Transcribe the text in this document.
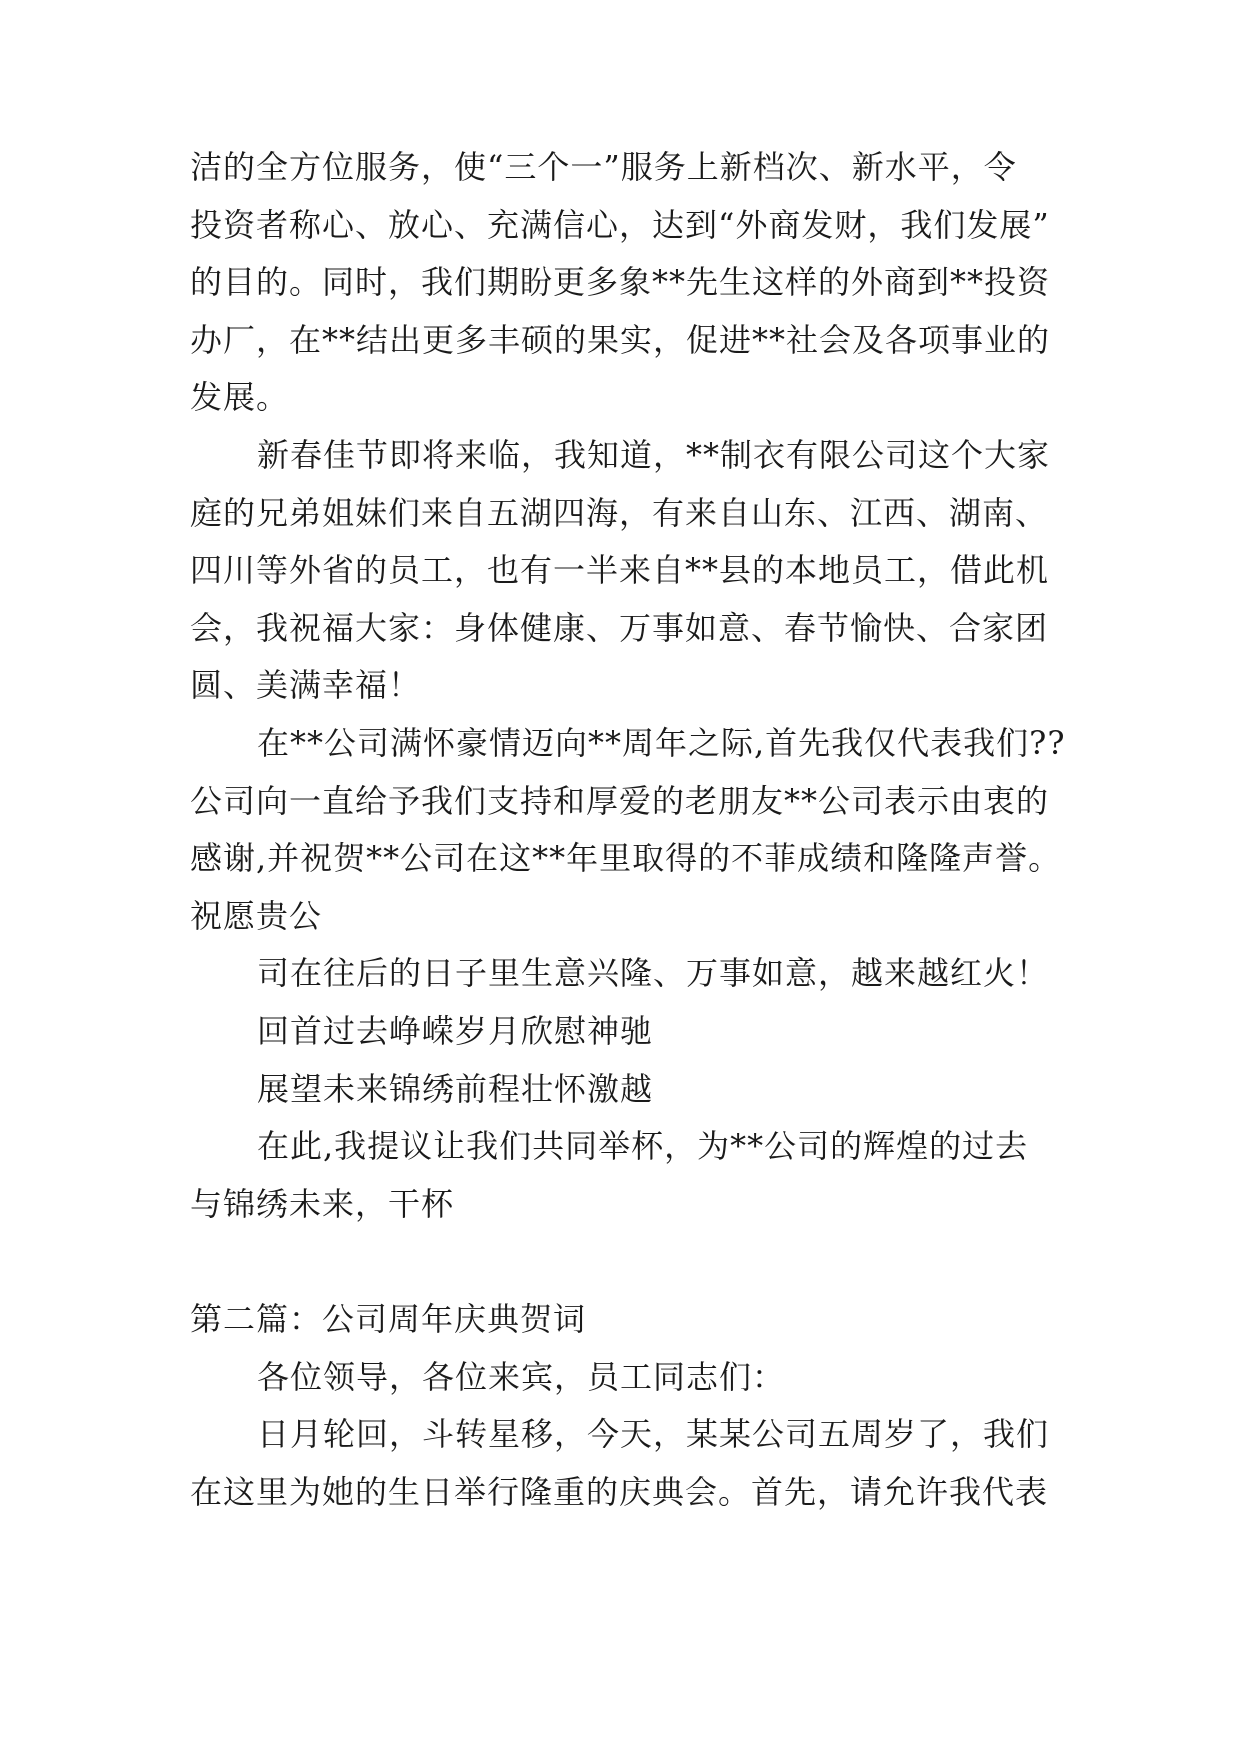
洁的全方位服务，使“三个一”服务上新档次、新水平，令
投资者称心、放心、充满信心，达到“外商发财，我们发展”
的目的。同时，我们期盼更多象**先生这样的外商到**投资
办厂，在**结出更多丰硕的果实，促进**社会及各项事业的
发展。
新春佳节即将来临，我知道，**制衣有限公司这个大家
庭的兄弟姐妹们来自五湖四海，有来自山东、江西、湖南、
四川等外省的员工，也有一半来自**县的本地员工，借此机
会，我祝福大家：身体健康、万事如意、春节愉快、合家团
圆、美满幸福！
在**公司满怀豪情迈向**周年之际,首先我仅代表我们??
公司向一直给予我们支持和厚爱的老朋友**公司表示由衷的
感谢,并祝贺**公司在这**年里取得的不菲成绩和隆隆声誉。
祝愿贵公
司在往后的日子里生意兴隆、万事如意，越来越红火！
回首过去峥嵘岁月欣慰神驰
展望未来锦绣前程壮怀激越
在此,我提议让我们共同举杯，为**公司的辉煌的过去
与锦绣未来，干杯
第二篇：公司周年庆典贺词
各位领导，各位来宾，员工同志们：
日月轮回，斗转星移，今天，某某公司五周岁了，我们
在这里为她的生日举行隆重的庆典会。首先，请允许我代表
